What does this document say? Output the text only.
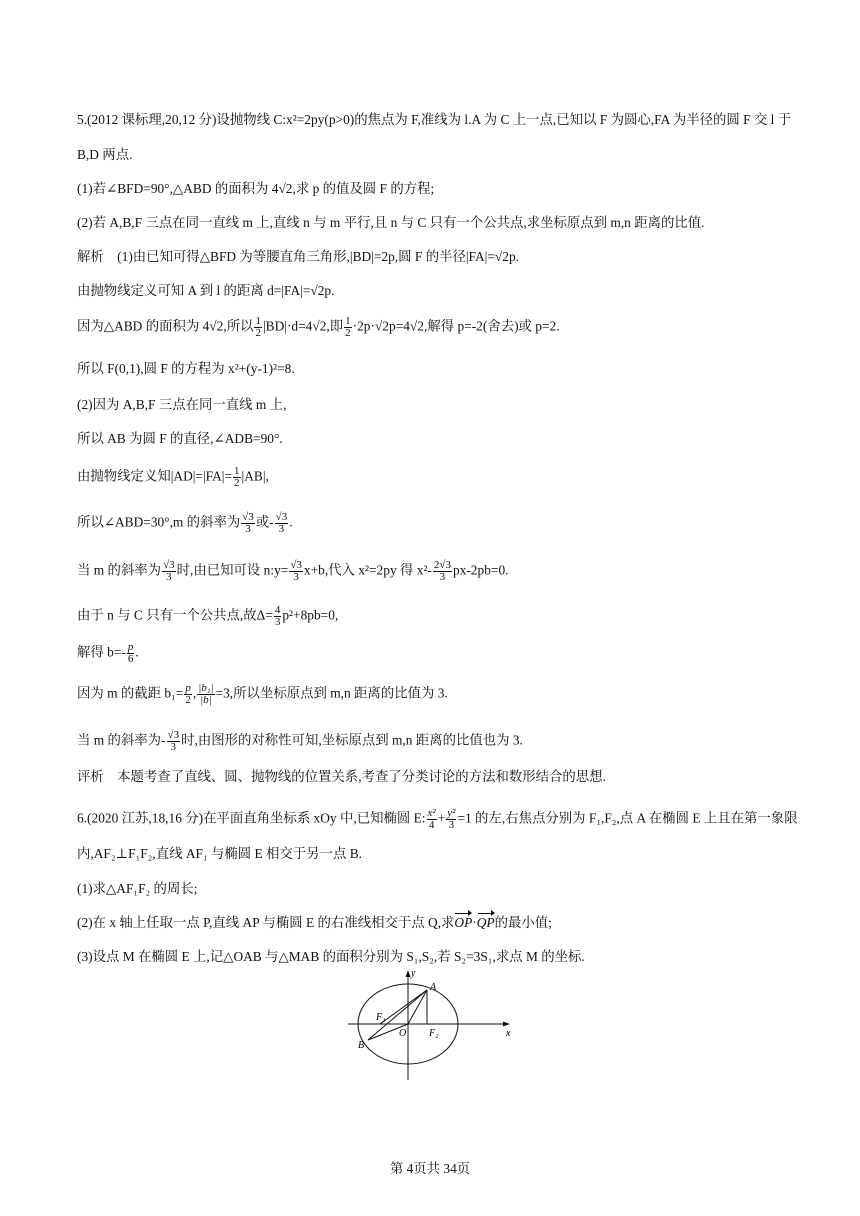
5.(2012 课标理,20,12 分)设抛物线 C:x²=2py(p>0)的焦点为 F,准线为 l.A 为 C 上一点,已知以 F 为圆心,FA 为半径的圆 F 交 l 于
B,D 两点.
(1)若∠BFD=90°,△ABD 的面积为 4√2,求 p 的值及圆 F 的方程;
(2)若 A,B,F 三点在同一直线 m 上,直线 n 与 m 平行,且 n 与 C 只有一个公共点,求坐标原点到 m,n 距离的比值.
解析　(1)由已知可得△BFD 为等腰直角三角形,|BD|=2p,圆 F 的半径|FA|=√2p.
由抛物线定义可知 A 到 l 的距离 d=|FA|=√2p.
因为△ABD 的面积为 4√2,所以 $\frac{1}{2} |BD|\cdot d=4√2$,即 $\frac{1}{2} \cdot 2p\cdot√2p=4√2$,解得 p=-2(舍去)或 p=2.
所以 F(0,1),圆 F 的方程为 x²+(y-1)²=8.
(2)因为 A,B,F 三点在同一直线 m 上,
所以 AB 为圆 F 的直径,∠ADB=90°.
由抛物线定义知$|AD|=|FA|= \frac{1}{2} |AB|$,
所以∠ABD=30°,m 的斜率为 $\frac{√3}{3}$ 或- $\frac{√3}{3}$ .
当 m 的斜率为 $\frac{√3}{3}$ 时,由已知可设 n:y= $\frac{√3}{3} x+b$,代入 x²=2py 得 $x^2- \frac{2√3}{3} px-2pb=0$.
由于 n 与 C 只有一个公共点,故$\Delta= \frac{4}{3} p^2+8pb=0$,
解得 $b=- \frac{p}{6}$ .
因为 m 的截距 $b_1= \frac{p}{2}$ , $\frac{\text{|b₁|}}{|b|} =3$,所以坐标原点到 m,n 距离的比值为 3.
当 m 的斜率为- $\frac{√3}{3}$ 时,由图形的对称性可知,坐标原点到 m,n 距离的比值也为 3.
评析　本题考查了直线、圆、抛物线的位置关系,考查了分类讨论的方法和数形结合的思想.
6.(2020 江苏,18,16 分)在平面直角坐标系 xOy 中,已知椭圆 E: $\frac{\text{x²}}{4} + \frac{\text{y²}}{3} =1$ 的左,右焦点分别为 F₁,F₂,点 A 在椭圆 E 上且在第一象限
内,AF₂⊥F₁F₂,直线 AF₁ 与椭圆 E 相交于另一点 B.
(1)求△AF₁F₂ 的周长;
(2)在 x 轴上任取一点 P,直线 AP 与椭圆 E 的右准线相交于点 Q,求OP·QP的最小值;
(3)设点 M 在椭圆 E 上,记△OAB 与△MAB 的面积分别为 S₁,S₂,若 S₂=3S₁,求点 M 的坐标.
y
x
A
B
O
F₁
F₂
第 4页共 34页
